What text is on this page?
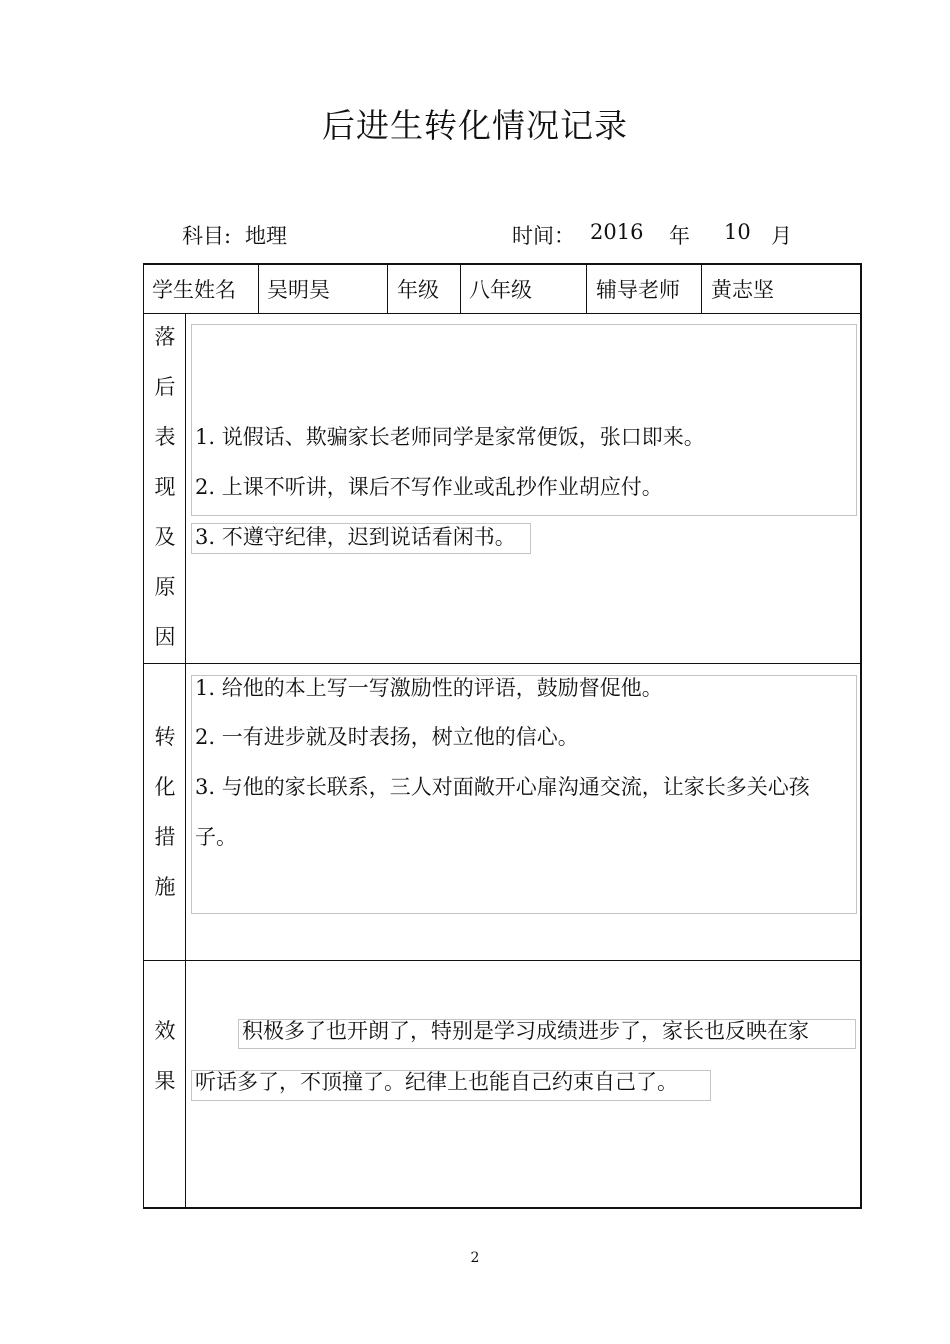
后进生转化情况记录
科目: 地理	时间： 2016 年 10 月
学生姓名 吴明昊	年级 八年级	辅导老师 黄志坚
落
后
表
现
及
原
因
1. 说假话、欺骗家长老师同学是家常便饭，张口即来。
2. 上课不听讲，课后不写作业或乱抄作业胡应付。
3. 不遵守纪律，迟到说话看闲书。
转
化
措
施
1. 给他的本上写一写激励性的评语，鼓励督促他。
2. 一有进步就及时表扬，树立他的信心。
3. 与他的家长联系，三人对面敞开心扉沟通交流，让家长多关心孩
子。
效
果
积极多了也开朗了，特别是学习成绩进步了，家长也反映在家
听话多了，不顶撞了。纪律上也能自己约束自己了。
2
